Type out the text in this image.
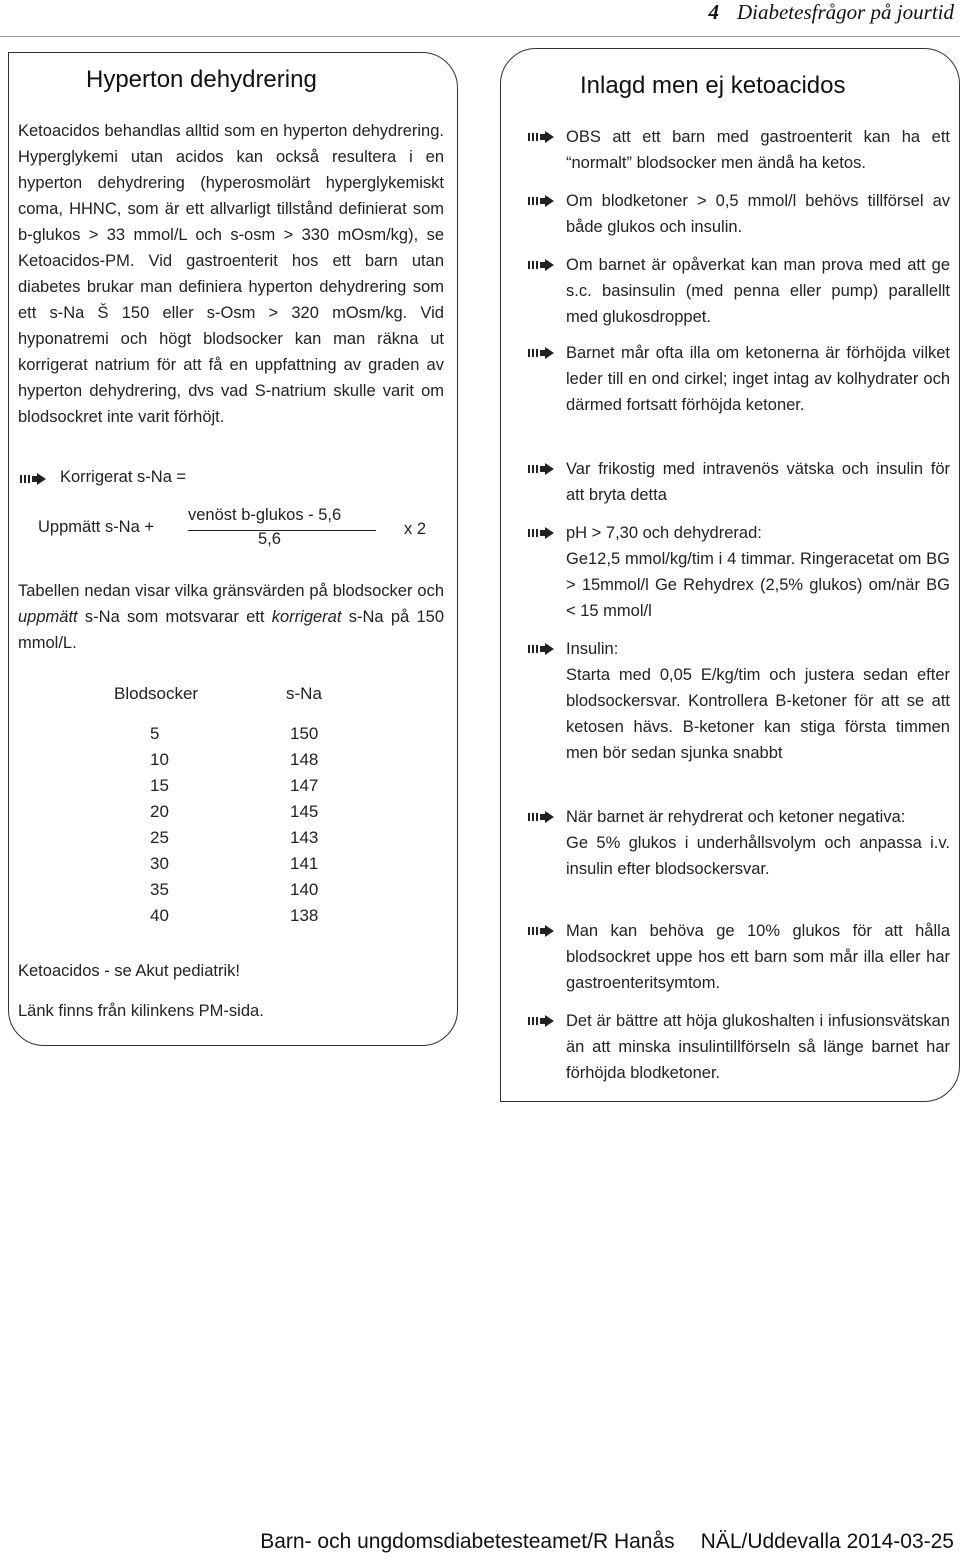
4 Diabetesfrågor på jourtid
Hyperton dehydrering

Ketoacidos behandlas alltid som en hyperton dehydrering. Hyperglykemi utan acidos kan också resultera i en hyperton dehydrering (hyperosmolärt hyperglykemiskt coma, HHNC, som är ett allvarligt tillstånd definierat som b-glukos > 33 mmol/L och s-osm > 330 mOsm/kg), se Ketoacidos-PM. Vid gastroenterit hos ett barn utan diabetes brukar man definiera hyperton dehydrering som ett s-Na Š 150 eller s-Osm > 320 mOsm/kg. Vid hyponatremi och högt blodsocker kan man räkna ut korrigerat natrium för att få en uppfattning av graden av hyperton dehydrering, dvs vad S-natrium skulle varit om blodsockret inte varit förhöjt.

Korrigerat s-Na =
Uppmätt s-Na +
venöst b-glukos - 5,6
5,6
x 2

Tabellen nedan visar vilka gränsvärden på blodsocker och uppmätt s-Na som motsvarar ett korrigerat s-Na på 150 mmol/L.

Blodsocker	s-Na
5	150
10	148
15	147
20	145
25	143
30	141
35	140
40	138
Ketoacidos - se Akut pediatrik!
Länk finns från kilinkens PM-sida.
Inlagd men ej ketoacidos
OBS att ett barn med gastroenterit kan ha ett “normalt” blodsocker men ändå ha ketos.
Om blodketoner > 0,5 mmol/l behövs tillförsel av både glukos och insulin.
Om barnet är opåverkat kan man prova med att ge s.c. basinsulin (med penna eller pump) parallellt med glukosdroppet.
Barnet mår ofta illa om ketonerna är förhöjda vilket leder till en ond cirkel; inget intag av kolhydrater och därmed fortsatt förhöjda ketoner.
Var frikostig med intravenös vätska och insulin för att bryta detta
pH > 7,30 och dehydrerad:
Ge12,5 mmol/kg/tim i 4 timmar. Ringeracetat om BG > 15mmol/l Ge Rehydrex (2,5% glukos) om/när BG < 15 mmol/l
Insulin:
Starta med 0,05 E/kg/tim och justera sedan efter blodsockersvar. Kontrollera B-ketoner för att se att ketosen hävs. B-ketoner kan stiga första timmen men bör sedan sjunka snabbt
När barnet är rehydrerat och ketoner negativa:
Ge 5% glukos i underhållsvolym och anpassa i.v. insulin efter blodsockersvar.
Man kan behöva ge 10% glukos för att hålla blodsockret uppe hos ett barn som mår illa eller har gastroenteritsymtom.
Det är bättre att höja glukoshalten i infusionsvätskan än att minska insulintillförseln så länge barnet har förhöjda blodketoner.
Barn- och ungdomsdiabetesteamet/R Hanås NÄL/Uddevalla 2014-03-25
